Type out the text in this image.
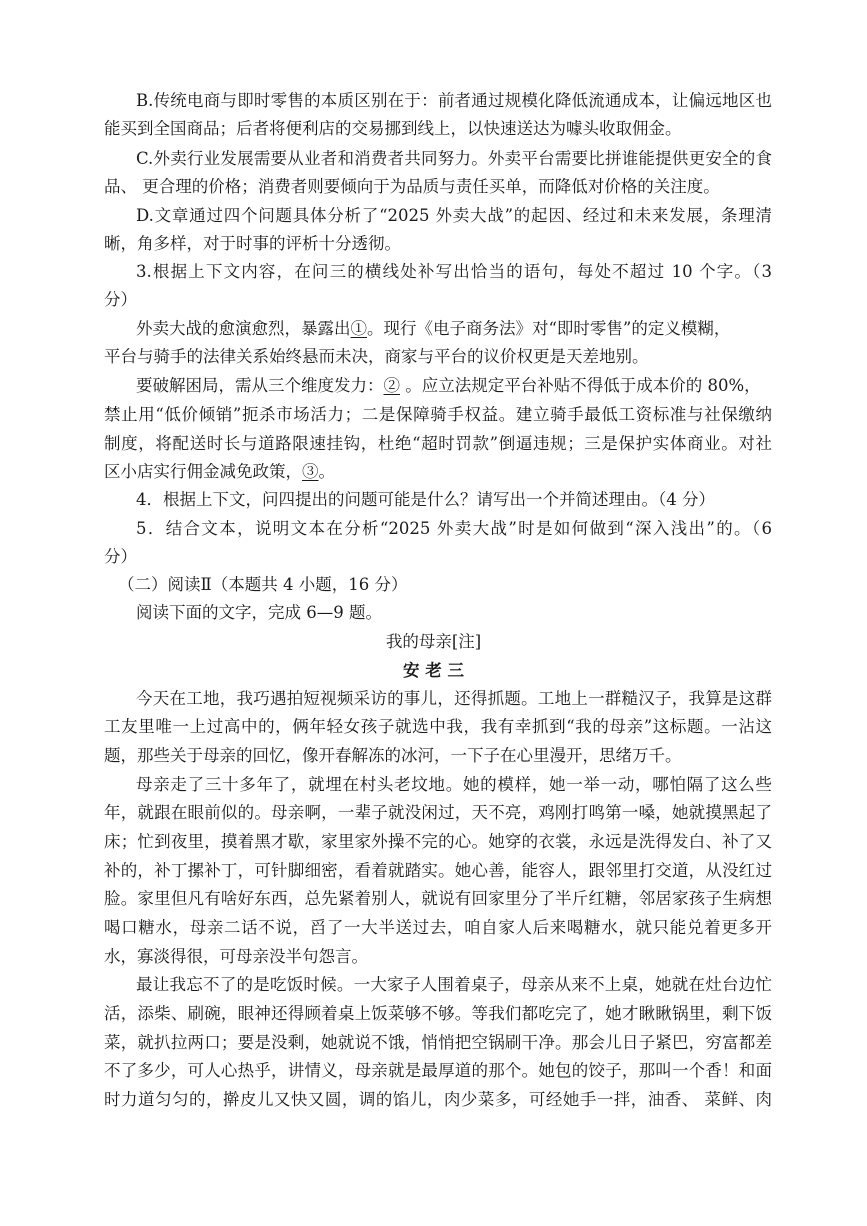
B.传统电商与即时零售的本质区别在于：前者通过规模化降低流通成本，让偏远地区也
能买到全国商品；后者将便利店的交易挪到线上，以快速送达为噱头收取佣金。
C.外卖行业发展需要从业者和消费者共同努力。外卖平台需要比拼谁能提供更安全的食
品、 更合理的价格；消费者则要倾向于为品质与责任买单，而降低对价格的关注度。
D.文章通过四个问题具体分析了“2025 外卖大战”的起因、经过和未来发展，条理清
晰，角多样，对于时事的评析十分透彻。
3.根据上下文内容，在问三的横线处补写出恰当的语句，每处不超过 10 个字。（3
分）
外卖大战的愈演愈烈，暴露出①。现行《电子商务法》对“即时零售”的定义模糊，
平台与骑手的法律关系始终悬而未决，商家与平台的议价权更是天差地别。
要破解困局，需从三个维度发力：② 。应立法规定平台补贴不得低于成本价的 80%，
禁止用“低价倾销”扼杀市场活力；二是保障骑手权益。建立骑手最低工资标准与社保缴纳
制度，将配送时长与道路限速挂钩，杜绝“超时罚款”倒逼违规；三是保护实体商业。对社
区小店实行佣金减免政策，③。
4．根据上下文，问四提出的问题可能是什么？请写出一个并简述理由。（4 分）
5．结合文本，说明文本在分析“2025 外卖大战”时是如何做到“深入浅出”的。（6
分）
（二）阅读Ⅱ（本题共 4 小题，16 分）
阅读下面的文字，完成 6—9 题。
我的母亲[注]
安 老 三
今天在工地，我巧遇拍短视频采访的事儿，还得抓题。工地上一群糙汉子，我算是这群
工友里唯一上过高中的，俩年轻女孩子就选中我，我有幸抓到“我的母亲”这标题。一沾这
题，那些关于母亲的回忆，像开春解冻的冰河，一下子在心里漫开，思绪万千。
母亲走了三十多年了，就埋在村头老坟地。她的模样，她一举一动，哪怕隔了这么些
年，就跟在眼前似的。母亲啊，一辈子就没闲过，天不亮，鸡刚打鸣第一嗓，她就摸黑起了
床；忙到夜里，摸着黑才歇，家里家外操不完的心。她穿的衣裳，永远是洗得发白、补了又
补的，补丁摞补丁，可针脚细密，看着就踏实。她心善，能容人，跟邻里打交道，从没红过
脸。家里但凡有啥好东西，总先紧着别人，就说有回家里分了半斤红糖，邻居家孩子生病想
喝口糖水，母亲二话不说，舀了一大半送过去，咱自家人后来喝糖水，就只能兑着更多开
水，寡淡得很，可母亲没半句怨言。
最让我忘不了的是吃饭时候。一大家子人围着桌子，母亲从来不上桌，她就在灶台边忙
活，添柴、刷碗，眼神还得顾着桌上饭菜够不够。等我们都吃完了，她才瞅瞅锅里，剩下饭
菜，就扒拉两口；要是没剩，她就说不饿，悄悄把空锅刷干净。那会儿日子紧巴，穷富都差
不了多少，可人心热乎，讲情义，母亲就是最厚道的那个。她包的饺子，那叫一个香！和面
时力道匀匀的，擀皮儿又快又圆，调的馅儿，肉少菜多，可经她手一拌，油香、 菜鲜、肉
